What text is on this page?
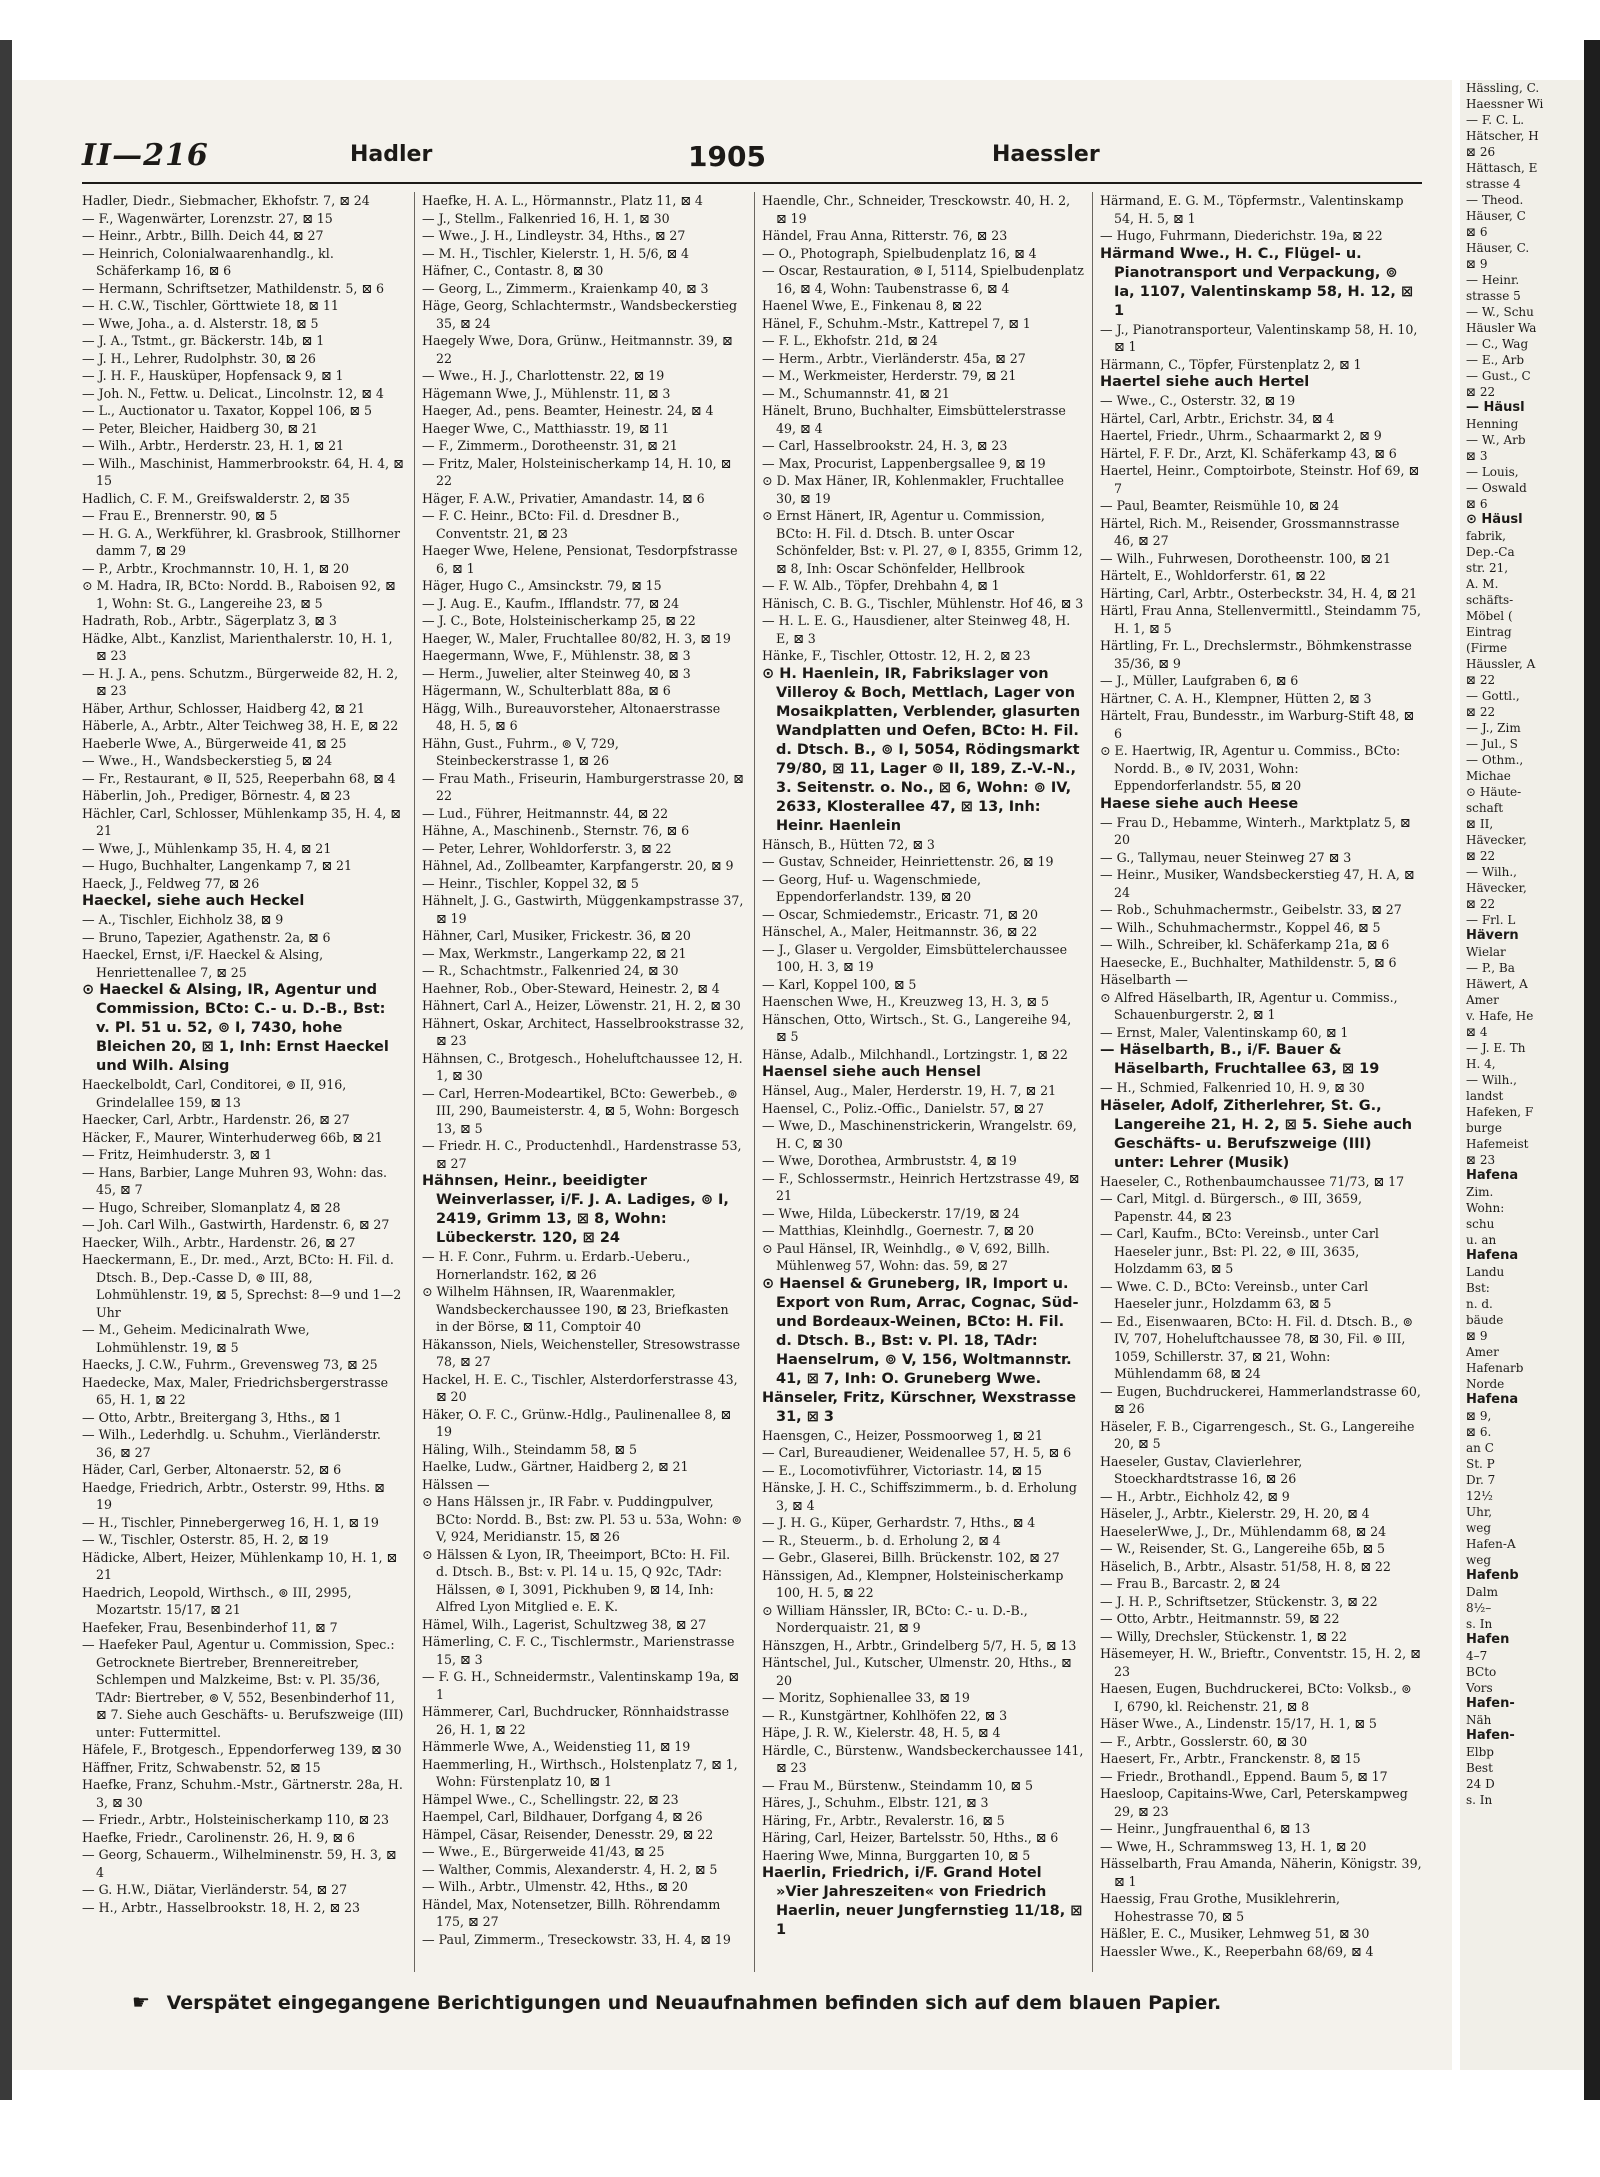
II—216	Hadler	1905	Haessler
Hadler, Diedr., Siebmacher, Ekhofstr. 7, ⊠ 24
— F., Wagenwärter, Lorenzstr. 27, ⊠ 15
— Heinr., Arbtr., Billh. Deich 44, ⊠ 27
— Heinrich, Colonialwaarenhandlg., kl. Schäferkamp 16, ⊠ 6
— Hermann, Schriftsetzer, Mathildenstr. 5, ⊠ 6
— H. C.W., Tischler, Görttwiete 18, ⊠ 11
— Wwe, Joha., a. d. Alsterstr. 18, ⊠ 5
— J. A., Tstmt., gr. Bäckerstr. 14b, ⊠ 1
— J. H., Lehrer, Rudolphstr. 30, ⊠ 26
— J. H. F., Hausküper, Hopfensack 9, ⊠ 1
— Joh. N., Fettw. u. Delicat., Lincolnstr. 12, ⊠ 4
— L., Auctionator u. Taxator, Koppel 106, ⊠ 5
— Peter, Bleicher, Haidberg 30, ⊠ 21
— Wilh., Arbtr., Herderstr. 23, H. 1, ⊠ 21
— Wilh., Maschinist, Hammerbrookstr. 64, H. 4, ⊠ 15
Hadlich, C. F. M., Greifswalderstr. 2, ⊠ 35
— Frau E., Brennerstr. 90, ⊠ 5
— H. G. A., Werkführer, kl. Grasbrook, Stillhorner damm 7, ⊠ 29
— P., Arbtr., Krochmannstr. 10, H. 1, ⊠ 20
⊙ M. Hadra, IR, BCto: Nordd. B., Raboisen 92, ⊠ 1, Wohn: St. G., Langereihe 23, ⊠ 5
Hadrath, Rob., Arbtr., Sägerplatz 3, ⊠ 3
Hädke, Albt., Kanzlist, Marienthalerstr. 10, H. 1, ⊠ 23
— H. J. A., pens. Schutzm., Bürgerweide 82, H. 2, ⊠ 23
Häber, Arthur, Schlosser, Haidberg 42, ⊠ 21
Häberle, A., Arbtr., Alter Teichweg 38, H. E, ⊠ 22
Haeberle Wwe, A., Bürgerweide 41, ⊠ 25
— Wwe., H., Wandsbeckerstieg 5, ⊠ 24
— Fr., Restaurant, ⊚ II, 525, Reeperbahn 68, ⊠ 4
Häberlin, Joh., Prediger, Börnestr. 4, ⊠ 23
Hächler, Carl, Schlosser, Mühlenkamp 35, H. 4, ⊠ 21
— Wwe, J., Mühlenkamp 35, H. 4, ⊠ 21
— Hugo, Buchhalter, Langenkamp 7, ⊠ 21
Haeck, J., Feldweg 77, ⊠ 26
Haeckel, siehe auch Heckel
— A., Tischler, Eichholz 38, ⊠ 9
— Bruno, Tapezier, Agathenstr. 2a, ⊠ 6
Haeckel, Ernst, i/F. Haeckel & Alsing, Henriettenallee 7, ⊠ 25
⊙ Haeckel & Alsing, IR, Agentur und Commission, BCto: C.- u. D.-B., Bst: v. Pl. 51 u. 52, ⊚ I, 7430, hohe Bleichen 20, ⊠ 1, Inh: Ernst Haeckel und Wilh. Alsing
Haeckelboldt, Carl, Conditorei, ⊚ II, 916, Grindelallee 159, ⊠ 13
Haecker, Carl, Arbtr., Hardenstr. 26, ⊠ 27
Häcker, F., Maurer, Winterhuderweg 66b, ⊠ 21
— Fritz, Heimhuderstr. 3, ⊠ 1
— Hans, Barbier, Lange Muhren 93, Wohn: das. 45, ⊠ 7
— Hugo, Schreiber, Slomanplatz 4, ⊠ 28
— Joh. Carl Wilh., Gastwirth, Hardenstr. 6, ⊠ 27
Haecker, Wilh., Arbtr., Hardenstr. 26, ⊠ 27
Haeckermann, E., Dr. med., Arzt, BCto: H. Fil. d. Dtsch. B., Dep.-Casse D, ⊚ III, 88, Lohmühlenstr. 19, ⊠ 5, Sprechst: 8—9 und 1—2 Uhr
— M., Geheim. Medicinalrath Wwe, Lohmühlenstr. 19, ⊠ 5
Haecks, J. C.W., Fuhrm., Grevensweg 73, ⊠ 25
Haedecke, Max, Maler, Friedrichsbergerstrasse 65, H. 1, ⊠ 22
— Otto, Arbtr., Breitergang 3, Hths., ⊠ 1
— Wilh., Lederhdlg. u. Schuhm., Vierländerstr. 36, ⊠ 27
Häder, Carl, Gerber, Altonaerstr. 52, ⊠ 6
Haedge, Friedrich, Arbtr., Osterstr. 99, Hths. ⊠ 19
— H., Tischler, Pinnebergerweg 16, H. 1, ⊠ 19
— W., Tischler, Osterstr. 85, H. 2, ⊠ 19
Hädicke, Albert, Heizer, Mühlenkamp 10, H. 1, ⊠ 21
Haedrich, Leopold, Wirthsch., ⊚ III, 2995, Mozartstr. 15/17, ⊠ 21
Haefeker, Frau, Besenbinderhof 11, ⊠ 7
— Haefeker Paul, Agentur u. Commission, Spec.: Getrocknete Biertreber, Brennereitreber, Schlempen und Malzkeime, Bst: v. Pl. 35/36, TAdr: Biertreber, ⊚ V, 552, Besenbinderhof 11, ⊠ 7. Siehe auch Geschäfts- u. Berufszweige (III) unter: Futtermittel.
Häfele, F., Brotgesch., Eppendorferweg 139, ⊠ 30
Häffner, Fritz, Schwabenstr. 52, ⊠ 15
Haefke, Franz, Schuhm.-Mstr., Gärtnerstr. 28a, H. 3, ⊠ 30
— Friedr., Arbtr., Holsteinischerkamp 110, ⊠ 23
Haefke, Friedr., Carolinenstr. 26, H. 9, ⊠ 6
— Georg, Schauerm., Wilhelminenstr. 59, H. 3, ⊠ 4
— G. H.W., Diätar, Vierländerstr. 54, ⊠ 27
— H., Arbtr., Hasselbrookstr. 18, H. 2, ⊠ 23
Haefke, H. A. L., Hörmannstr., Platz 11, ⊠ 4
— J., Stellm., Falkenried 16, H. 1, ⊠ 30
— Wwe., J. H., Lindleystr. 34, Hths., ⊠ 27
— M. H., Tischler, Kielerstr. 1, H. 5/6, ⊠ 4
Häfner, C., Contastr. 8, ⊠ 30
— Georg, L., Zimmerm., Kraienkamp 40, ⊠ 3
Häge, Georg, Schlachtermstr., Wandsbeckerstieg 35, ⊠ 24
Haegely Wwe, Dora, Grünw., Heitmannstr. 39, ⊠ 22
— Wwe., H. J., Charlottenstr. 22, ⊠ 19
Hägemann Wwe, J., Mühlenstr. 11, ⊠ 3
Haeger, Ad., pens. Beamter, Heinestr. 24, ⊠ 4
Haeger Wwe, C., Matthiasstr. 19, ⊠ 11
— F., Zimmerm., Dorotheenstr. 31, ⊠ 21
— Fritz, Maler, Holsteinischerkamp 14, H. 10, ⊠ 22
Häger, F. A.W., Privatier, Amandastr. 14, ⊠ 6
— F. C. Heinr., BCto: Fil. d. Dresdner B., Conventstr. 21, ⊠ 23
Haeger Wwe, Helene, Pensionat, Tesdorpfstrasse 6, ⊠ 1
Häger, Hugo C., Amsinckstr. 79, ⊠ 15
— J. Aug. E., Kaufm., Ifflandstr. 77, ⊠ 24
— J. C., Bote, Holsteinischerkamp 25, ⊠ 22
Haeger, W., Maler, Fruchtallee 80/82, H. 3, ⊠ 19
Haegermann, Wwe, F., Mühlenstr. 38, ⊠ 3
— Herm., Juwelier, alter Steinweg 40, ⊠ 3
Hägermann, W., Schulterblatt 88a, ⊠ 6
Hägg, Wilh., Bureauvorsteher, Altonaerstrasse 48, H. 5, ⊠ 6
Hähn, Gust., Fuhrm., ⊚ V, 729, Steinbeckerstrasse 1, ⊠ 26
— Frau Math., Friseurin, Hamburgerstrasse 20, ⊠ 22
— Lud., Führer, Heitmannstr. 44, ⊠ 22
Hähne, A., Maschinenb., Sternstr. 76, ⊠ 6
— Peter, Lehrer, Wohldorferstr. 3, ⊠ 22
Hähnel, Ad., Zollbeamter, Karpfangerstr. 20, ⊠ 9
— Heinr., Tischler, Koppel 32, ⊠ 5
Hähnelt, J. G., Gastwirth, Müggenkampstrasse 37, ⊠ 19
Hähner, Carl, Musiker, Frickestr. 36, ⊠ 20
— Max, Werkmstr., Langerkamp 22, ⊠ 21
— R., Schachtmstr., Falkenried 24, ⊠ 30
Haehner, Rob., Ober-Steward, Heinestr. 2, ⊠ 4
Hähnert, Carl A., Heizer, Löwenstr. 21, H. 2, ⊠ 30
Hähnert, Oskar, Architect, Hasselbrookstrasse 32, ⊠ 23
Hähnsen, C., Brotgesch., Hoheluftchaussee 12, H. 1, ⊠ 30
— Carl, Herren-Modeartikel, BCto: Gewerbeb., ⊚ III, 290, Baumeisterstr. 4, ⊠ 5, Wohn: Borgesch 13, ⊠ 5
— Friedr. H. C., Productenhdl., Hardenstrasse 53, ⊠ 27
Hähnsen, Heinr., beeidigter Weinverlasser, i/F. J. A. Ladiges, ⊚ I, 2419, Grimm 13, ⊠ 8, Wohn: Lübeckerstr. 120, ⊠ 24
— H. F. Conr., Fuhrm. u. Erdarb.-Ueberu., Hornerlandstr. 162, ⊠ 26
⊙ Wilhelm Hähnsen, IR, Waarenmakler, Wandsbeckerchaussee 190, ⊠ 23, Briefkasten in der Börse, ⊠ 11, Comptoir 40
Häkansson, Niels, Weichensteller, Stresowstrasse 78, ⊠ 27
Hackel, H. E. C., Tischler, Alsterdorferstrasse 43, ⊠ 20
Häker, O. F. C., Grünw.-Hdlg., Paulinenallee 8, ⊠ 19
Häling, Wilh., Steindamm 58, ⊠ 5
Haelke, Ludw., Gärtner, Haidberg 2, ⊠ 21
Hälssen —
⊙ Hans Hälssen jr., IR Fabr. v. Puddingpulver, BCto: Nordd. B., Bst: zw. Pl. 53 u. 53a, Wohn: ⊚ V, 924, Meridianstr. 15, ⊠ 26
⊙ Hälssen & Lyon, IR, Theeimport, BCto: H. Fil. d. Dtsch. B., Bst: v. Pl. 14 u. 15, Q 92c, TAdr: Hälssen, ⊚ I, 3091, Pickhuben 9, ⊠ 14, Inh: Alfred Lyon Mitglied e. E. K.
Hämel, Wilh., Lagerist, Schultzweg 38, ⊠ 27
Hämerling, C. F. C., Tischlermstr., Marienstrasse 15, ⊠ 3
— F. G. H., Schneidermstr., Valentinskamp 19a, ⊠ 1
Hämmerer, Carl, Buchdrucker, Rönnhaidstrasse 26, H. 1, ⊠ 22
Hämmerle Wwe, A., Weidenstieg 11, ⊠ 19
Haemmerling, H., Wirthsch., Holstenplatz 7, ⊠ 1, Wohn: Fürstenplatz 10, ⊠ 1
Hämpel Wwe., C., Schellingstr. 22, ⊠ 23
Haempel, Carl, Bildhauer, Dorfgang 4, ⊠ 26
Hämpel, Cäsar, Reisender, Denesstr. 29, ⊠ 22
— Wwe., E., Bürgerweide 41/43, ⊠ 25
— Walther, Commis, Alexanderstr. 4, H. 2, ⊠ 5
— Wilh., Arbtr., Ulmenstr. 42, Hths., ⊠ 20
Händel, Max, Notensetzer, Billh. Röhrendamm 175, ⊠ 27
— Paul, Zimmerm., Treseckowstr. 33, H. 4, ⊠ 19
Haendle, Chr., Schneider, Tresckowstr. 40, H. 2, ⊠ 19
Händel, Frau Anna, Ritterstr. 76, ⊠ 23
— O., Photograph, Spielbudenplatz 16, ⊠ 4
— Oscar, Restauration, ⊚ I, 5114, Spielbudenplatz 16, ⊠ 4, Wohn: Taubenstrasse 6, ⊠ 4
Haenel Wwe, E., Finkenau 8, ⊠ 22
Hänel, F., Schuhm.-Mstr., Kattrepel 7, ⊠ 1
— F. L., Ekhofstr. 21d, ⊠ 24
— Herm., Arbtr., Vierländerstr. 45a, ⊠ 27
— M., Werkmeister, Herderstr. 79, ⊠ 21
— M., Schumannstr. 41, ⊠ 21
Hänelt, Bruno, Buchhalter, Eimsbüttelerstrasse 49, ⊠ 4
— Carl, Hasselbrookstr. 24, H. 3, ⊠ 23
— Max, Procurist, Lappenbergsallee 9, ⊠ 19
⊙ D. Max Häner, IR, Kohlenmakler, Fruchtallee 30, ⊠ 19
⊙ Ernst Hänert, IR, Agentur u. Commission, BCto: H. Fil. d. Dtsch. B. unter Oscar Schönfelder, Bst: v. Pl. 27, ⊚ I, 8355, Grimm 12, ⊠ 8, Inh: Oscar Schönfelder, Hellbrook
— F. W. Alb., Töpfer, Drehbahn 4, ⊠ 1
Hänisch, C. B. G., Tischler, Mühlenstr. Hof 46, ⊠ 3
— H. L. E. G., Hausdiener, alter Steinweg 48, H. E, ⊠ 3
Hänke, F., Tischler, Ottostr. 12, H. 2, ⊠ 23
⊙ H. Haenlein, IR, Fabrikslager von Villeroy & Boch, Mettlach, Lager von Mosaikplatten, Verblender, glasurten Wandplatten und Oefen, BCto: H. Fil. d. Dtsch. B., ⊚ I, 5054, Rödingsmarkt 79/80, ⊠ 11, Lager ⊚ II, 189, Z.-V.-N., 3. Seitenstr. o. No., ⊠ 6, Wohn: ⊚ IV, 2633, Klosterallee 47, ⊠ 13, Inh: Heinr. Haenlein
Hänsch, B., Hütten 72, ⊠ 3
— Gustav, Schneider, Heinriettenstr. 26, ⊠ 19
— Georg, Huf- u. Wagenschmiede, Eppendorferlandstr. 139, ⊠ 20
— Oscar, Schmiedemstr., Ericastr. 71, ⊠ 20
Hänschel, A., Maler, Heitmannstr. 36, ⊠ 22
— J., Glaser u. Vergolder, Eimsbüttelerchaussee 100, H. 3, ⊠ 19
— Karl, Koppel 100, ⊠ 5
Haenschen Wwe, H., Kreuzweg 13, H. 3, ⊠ 5
Hänschen, Otto, Wirtsch., St. G., Langereihe 94, ⊠ 5
Hänse, Adalb., Milchhandl., Lortzingstr. 1, ⊠ 22
Haensel siehe auch Hensel
Hänsel, Aug., Maler, Herderstr. 19, H. 7, ⊠ 21
Haensel, C., Poliz.-Offic., Danielstr. 57, ⊠ 27
— Wwe, D., Maschinenstrickerin, Wrangelstr. 69, H. C, ⊠ 30
— Wwe, Dorothea, Armbruststr. 4, ⊠ 19
— F., Schlossermstr., Heinrich Hertzstrasse 49, ⊠ 21
— Wwe, Hilda, Lübeckerstr. 17/19, ⊠ 24
— Matthias, Kleinhdlg., Goernestr. 7, ⊠ 20
⊙ Paul Hänsel, IR, Weinhdlg., ⊚ V, 692, Billh. Mühlenweg 57, Wohn: das. 59, ⊠ 27
⊙ Haensel & Gruneberg, IR, Import u. Export von Rum, Arrac, Cognac, Süd- und Bordeaux-Weinen, BCto: H. Fil. d. Dtsch. B., Bst: v. Pl. 18, TAdr: Haenselrum, ⊚ V, 156, Woltmannstr. 41, ⊠ 7, Inh: O. Gruneberg Wwe.
Hänseler, Fritz, Kürschner, Wexstrasse 31, ⊠ 3
Haensgen, C., Heizer, Possmoorweg 1, ⊠ 21
— Carl, Bureaudiener, Weidenallee 57, H. 5, ⊠ 6
— E., Locomotivführer, Victoriastr. 14, ⊠ 15
Hänske, J. H. C., Schiffszimmerm., b. d. Erholung 3, ⊠ 4
— J. H. G., Küper, Gerhardstr. 7, Hths., ⊠ 4
— R., Steuerm., b. d. Erholung 2, ⊠ 4
— Gebr., Glaserei, Billh. Brückenstr. 102, ⊠ 27
Hänssigen, Ad., Klempner, Holsteinischerkamp 100, H. 5, ⊠ 22
⊙ William Hänssler, IR, BCto: C.- u. D.-B., Norderquaistr. 21, ⊠ 9
Hänszgen, H., Arbtr., Grindelberg 5/7, H. 5, ⊠ 13
Häntschel, Jul., Kutscher, Ulmenstr. 20, Hths., ⊠ 20
— Moritz, Sophienallee 33, ⊠ 19
— R., Kunstgärtner, Kohlhöfen 22, ⊠ 3
Häpe, J. R. W., Kielerstr. 48, H. 5, ⊠ 4
Härdle, C., Bürstenw., Wandsbeckerchaussee 141, ⊠ 23
— Frau M., Bürstenw., Steindamm 10, ⊠ 5
Häres, J., Schuhm., Elbstr. 121, ⊠ 3
Häring, Fr., Arbtr., Revalerstr. 16, ⊠ 5
Häring, Carl, Heizer, Bartelsstr. 50, Hths., ⊠ 6
Haering Wwe, Minna, Burggarten 10, ⊠ 5
Haerlin, Friedrich, i/F. Grand Hotel »Vier Jahreszeiten« von Friedrich Haerlin, neuer Jungfernstieg 11/18, ⊠ 1
Härmand, E. G. M., Töpfermstr., Valentinskamp 54, H. 5, ⊠ 1
— Hugo, Fuhrmann, Diederichstr. 19a, ⊠ 22
Härmand Wwe., H. C., Flügel- u. Pianotransport und Verpackung, ⊚ Ia, 1107, Valentinskamp 58, H. 12, ⊠ 1
— J., Pianotransporteur, Valentinskamp 58, H. 10, ⊠ 1
Härmann, C., Töpfer, Fürstenplatz 2, ⊠ 1
Haertel siehe auch Hertel
— Wwe., C., Osterstr. 32, ⊠ 19
Härtel, Carl, Arbtr., Erichstr. 34, ⊠ 4
Haertel, Friedr., Uhrm., Schaarmarkt 2, ⊠ 9
Härtel, F. F. Dr., Arzt, Kl. Schäferkamp 43, ⊠ 6
Haertel, Heinr., Comptoirbote, Steinstr. Hof 69, ⊠ 7
— Paul, Beamter, Reismühle 10, ⊠ 24
Härtel, Rich. M., Reisender, Grossmannstrasse 46, ⊠ 27
— Wilh., Fuhrwesen, Dorotheenstr. 100, ⊠ 21
Härtelt, E., Wohldorferstr. 61, ⊠ 22
Härting, Carl, Arbtr., Osterbeckstr. 34, H. 4, ⊠ 21
Härtl, Frau Anna, Stellenvermittl., Steindamm 75, H. 1, ⊠ 5
Härtling, Fr. L., Drechslermstr., Böhmkenstrasse 35/36, ⊠ 9
— J., Müller, Laufgraben 6, ⊠ 6
Härtner, C. A. H., Klempner, Hütten 2, ⊠ 3
Härtelt, Frau, Bundesstr., im Warburg-Stift 48, ⊠ 6
⊙ E. Haertwig, IR, Agentur u. Commiss., BCto: Nordd. B., ⊚ IV, 2031, Wohn: Eppendorferlandstr. 55, ⊠ 20
Haese siehe auch Heese
— Frau D., Hebamme, Winterh., Marktplatz 5, ⊠ 20
— G., Tallymau, neuer Steinweg 27 ⊠ 3
— Heinr., Musiker, Wandsbeckerstieg 47, H. A, ⊠ 24
— Rob., Schuhmachermstr., Geibelstr. 33, ⊠ 27
— Wilh., Schuhmachermstr., Koppel 46, ⊠ 5
— Wilh., Schreiber, kl. Schäferkamp 21a, ⊠ 6
Haesecke, E., Buchhalter, Mathildenstr. 5, ⊠ 6
Häselbarth —
⊙ Alfred Häselbarth, IR, Agentur u. Commiss., Schauenburgerstr. 2, ⊠ 1
— Ernst, Maler, Valentinskamp 60, ⊠ 1
— Häselbarth, B., i/F. Bauer & Häselbarth, Fruchtallee 63, ⊠ 19
— H., Schmied, Falkenried 10, H. 9, ⊠ 30
Häseler, Adolf, Zitherlehrer, St. G., Langereihe 21, H. 2, ⊠ 5. Siehe auch Geschäfts- u. Berufszweige (III) unter: Lehrer (Musik)
Haeseler, C., Rothenbaumchaussee 71/73, ⊠ 17
— Carl, Mitgl. d. Bürgersch., ⊚ III, 3659, Papenstr. 44, ⊠ 23
— Carl, Kaufm., BCto: Vereinsb., unter Carl Haeseler junr., Bst: Pl. 22, ⊚ III, 3635, Holzdamm 63, ⊠ 5
— Wwe. C. D., BCto: Vereinsb., unter Carl Haeseler junr., Holzdamm 63, ⊠ 5
— Ed., Eisenwaaren, BCto: H. Fil. d. Dtsch. B., ⊚ IV, 707, Hoheluftchaussee 78, ⊠ 30, Fil. ⊚ III, 1059, Schillerstr. 37, ⊠ 21, Wohn: Mühlendamm 68, ⊠ 24
— Eugen, Buchdruckerei, Hammerlandstrasse 60, ⊠ 26
Häseler, F. B., Cigarrengesch., St. G., Langereihe 20, ⊠ 5
Haeseler, Gustav, Clavierlehrer, Stoeckhardtstrasse 16, ⊠ 26
— H., Arbtr., Eichholz 42, ⊠ 9
Häseler, J., Arbtr., Kielerstr. 29, H. 20, ⊠ 4
HaeselerWwe, J., Dr., Mühlendamm 68, ⊠ 24
— W., Reisender, St. G., Langereihe 65b, ⊠ 5
Häselich, B., Arbtr., Alsastr. 51/58, H. 8, ⊠ 22
— Frau B., Barcastr. 2, ⊠ 24
— J. H. P., Schriftsetzer, Stückenstr. 3, ⊠ 22
— Otto, Arbtr., Heitmannstr. 59, ⊠ 22
— Willy, Drechsler, Stückenstr. 1, ⊠ 22
Häsemeyer, H. W., Brieftr., Conventstr. 15, H. 2, ⊠ 23
Haesen, Eugen, Buchdruckerei, BCto: Volksb., ⊚ I, 6790, kl. Reichenstr. 21, ⊠ 8
Häser Wwe., A., Lindenstr. 15/17, H. 1, ⊠ 5
— F., Arbtr., Gosslerstr. 60, ⊠ 30
Haesert, Fr., Arbtr., Franckenstr. 8, ⊠ 15
— Friedr., Brothandl., Eppend. Baum 5, ⊠ 17
Haesloop, Capitains-Wwe, Carl, Peterskampweg 29, ⊠ 23
— Heinr., Jungfrauenthal 6, ⊠ 13
— Wwe, H., Schrammsweg 13, H. 1, ⊠ 20
Hässelbarth, Frau Amanda, Näherin, Königstr. 39, ⊠ 1
Haessig, Frau Grothe, Musiklehrerin, Hohestrasse 70, ⊠ 5
Häßler, E. C., Musiker, Lehmweg 51, ⊠ 30
Haessler Wwe., K., Reeperbahn 68/69, ⊠ 4
☛ Verspätet eingegangene Berichtigungen und Neuaufnahmen befinden sich auf dem blauen Papier.
Hässling, C.
Haessner Wi
— F. C. L.
Hätscher, H
⊠ 26
Hättasch, E
strasse 4
— Theod.
Häuser, C
⊠ 6
Häuser, C.
⊠ 9
— Heinr.
strasse 5
— W., Schu
Häusler Wa
— C., Wag
— E., Arb
— Gust., C
⊠ 22
— Häusl
Henning
— W., Arb
⊠ 3
— Louis,
— Oswald
⊠ 6
⊙ Häusl
fabrik,
Dep.-Ca
str. 21,
A. M.
schäfts-
Möbel (
Eintrag
(Firme
Häussler, A
⊠ 22
— Gottl.,
⊠ 22
— J., Zim
— Jul., S
— Othm.,
Michae
⊙ Häute-
schaft
⊠ II,
Hävecker,
⊠ 22
— Wilh.,
Hävecker,
⊠ 22
— Frl. L
Hävern
Wielar
— P., Ba
Häwert, A
Amer
v. Hafe, He
⊠ 4
— J. E. Th
H. 4,
— Wilh.,
landst
Hafeken, F
burge
Hafemeist
⊠ 23
Hafena
Zim.
Wohn:
schu
u. an
Hafena
Landu
Bst:
n. d.
bäude
⊠ 9
Amer
Hafenarb
Norde
Hafena
⊠ 9,
⊠ 6.
an C
St. P
Dr. 7
12½
Uhr,
weg
Hafen-A
weg
Hafenb
Dalm
8½–
s. In
Hafen
4–7
BCto
Vors
Hafen-
Näh
Hafen-
Elbp
Best
24 D
s. In
